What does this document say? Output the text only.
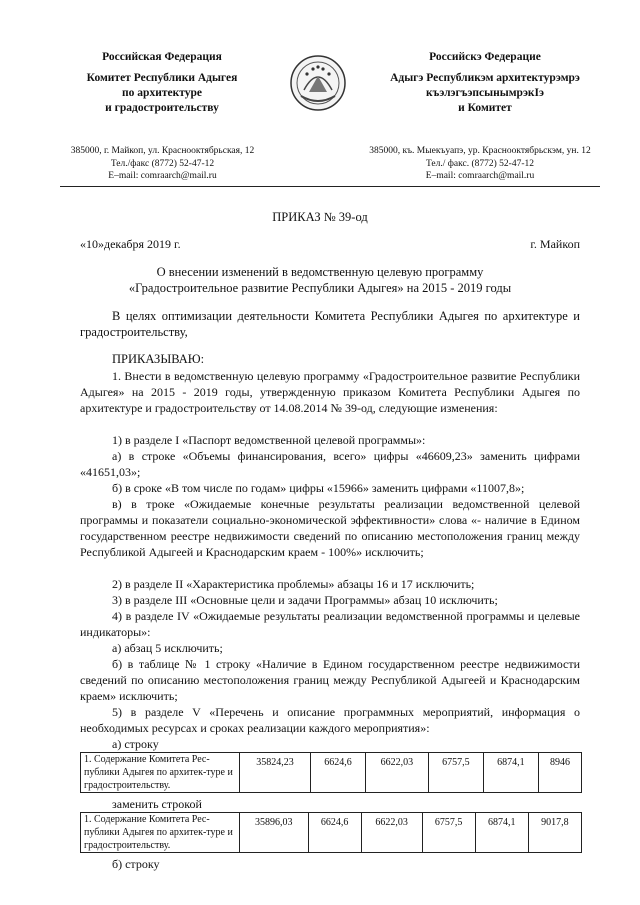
Российская Федерация
Комитет Республики Адыгея
по архитектуре
и градостроительству
385000, г. Майкоп, ул. Краснооктябрьская, 12
Тел./факс (8772) 52-47-12
E–mail: comraarch@mail.ru
Российскэ Федерацие
Адыгэ Республикэм архитектурэмрэ
къэлэгъэпсынымрэкIэ
и Комитет
385000, къ. Мыекъуапэ, ур. Краснооктябрьскэм, ун. 12
Тел./ факс. (8772) 52-47-12
E–mail: comraarch@mail.ru
ПРИКАЗ № 39-од
«10»декабря 2019 г.	г. Майкоп
О внесении изменений в ведомственную целевую программу
«Градостроительное развитие Республики Адыгея» на 2015 - 2019 годы
В целях оптимизации деятельности Комитета Республики Адыгея по архитектуре и градостроительству,
ПРИКАЗЫВАЮ:
1. Внести в ведомственную целевую программу «Градостроительное развитие Республики Адыгея» на 2015 - 2019 годы, утвержденную приказом Комитета Республики Адыгея по архитектуре и градостроительству от 14.08.2014 № 39-од, следующие изменения:
1) в разделе I «Паспорт ведомственной целевой программы»:
а) в строке «Объемы финансирования, всего» цифры «46609,23» заменить цифрами «41651,03»;
б) в сроке «В том числе по годам» цифры «15966» заменить цифрами «11007,8»;
в) в троке «Ожидаемые конечные результаты реализации ведомственной целевой программы и показатели социально-экономической эффективности» слова «- наличие в Едином государственном реестре недвижимости сведений по описанию местоположения границ между Республикой Адыгеей и Краснодарским краем - 100%» исключить;
2) в разделе II «Характеристика проблемы» абзацы 16 и 17 исключить;
3) в разделе III «Основные цели и задачи Программы» абзац 10 исключить;
4) в разделе IV «Ожидаемые результаты реализации ведомственной программы и целевые индикаторы»:
а) абзац 5 исключить;
б) в таблице № 1 строку «Наличие в Едином государственном реестре недвижимости сведений по описанию местоположения границ между Республикой Адыгеей и Краснодарским краем» исключить;
5) в разделе V «Перечень и описание программных мероприятий, информация о необходимых ресурсах и сроках реализации каждого мероприятия»:
а) строку
1. Содержание Комитета Рес-публики Адыгея по архитек-туре и градостроительству.	35824,23	6624,6	6622,03	6757,5	6874,1	8946
заменить строкой
1. Содержание Комитета Рес-публики Адыгея по архитек-туре и градостроительству.	35896,03	6624,6	6622,03	6757,5	6874,1	9017,8
б) строку
